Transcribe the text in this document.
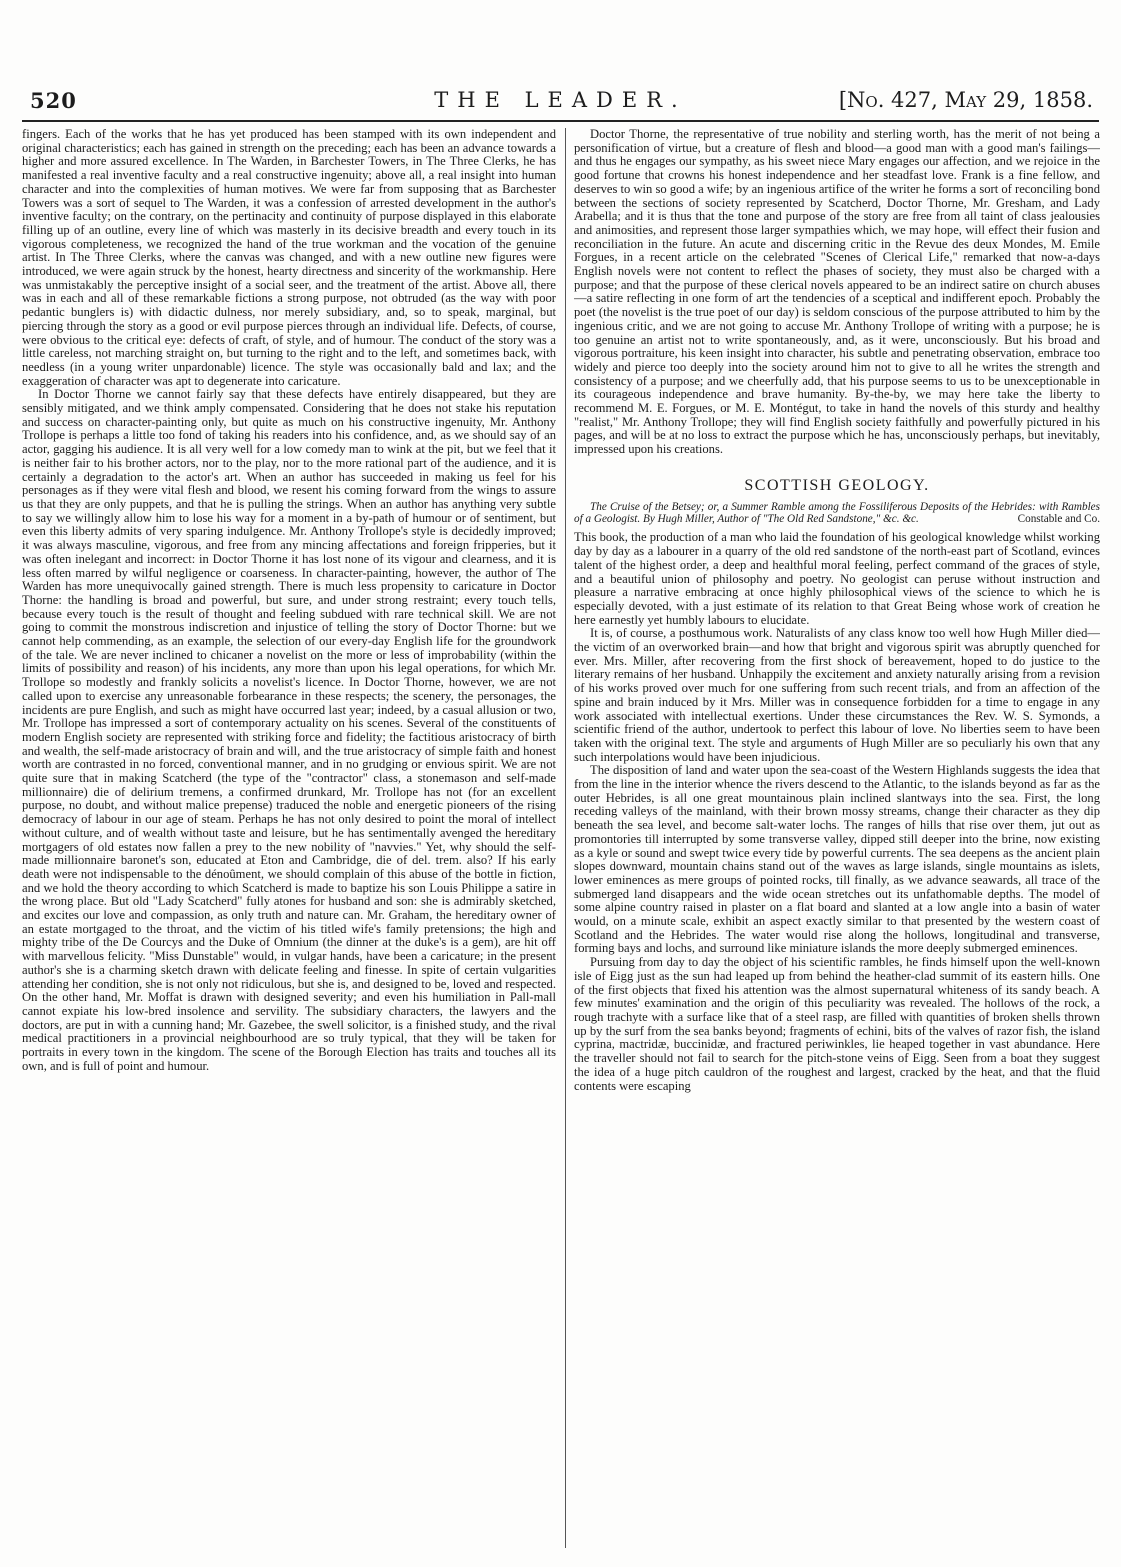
520	THE LEADER.	[No. 427, May 29, 1858.

fingers. Each of the works that he has yet produced has been stamped with its own independent and original characteristics; each has gained in strength on the preceding; each has been an advance towards a higher and more assured excellence. In The Warden, in Barchester Towers, in The Three Clerks, he has manifested a real inventive faculty and a real constructive ingenuity; above all, a real insight into human character and into the complexities of human motives. We were far from supposing that as Barchester Towers was a sort of sequel to The Warden, it was a confession of arrested development in the author's inventive faculty; on the contrary, on the pertinacity and continuity of purpose displayed in this elaborate filling up of an outline, every line of which was masterly in its decisive breadth and every touch in its vigorous completeness, we recognized the hand of the true workman and the vocation of the genuine artist. In The Three Clerks, where the canvas was changed, and with a new outline new figures were introduced, we were again struck by the honest, hearty directness and sincerity of the workmanship. Here was unmistakably the perceptive insight of a social seer, and the treatment of the artist. Above all, there was in each and all of these remarkable fictions a strong purpose, not obtruded (as the way with poor pedantic bunglers is) with didactic dulness, nor merely subsidiary, and, so to speak, marginal, but piercing through the story as a good or evil purpose pierces through an individual life. Defects, of course, were obvious to the critical eye: defects of craft, of style, and of humour. The conduct of the story was a little careless, not marching straight on, but turning to the right and to the left, and sometimes back, with needless (in a young writer unpardonable) licence. The style was occasionally bald and lax; and the exaggeration of character was apt to degenerate into caricature.

In Doctor Thorne we cannot fairly say that these defects have entirely disappeared, but they are sensibly mitigated, and we think amply compensated. Considering that he does not stake his reputation and success on character-painting only, but quite as much on his constructive ingenuity, Mr. Anthony Trollope is perhaps a little too fond of taking his readers into his confidence, and, as we should say of an actor, gagging his audience. It is all very well for a low comedy man to wink at the pit, but we feel that it is neither fair to his brother actors, nor to the play, nor to the more rational part of the audience, and it is certainly a degradation to the actor's art. When an author has succeeded in making us feel for his personages as if they were vital flesh and blood, we resent his coming forward from the wings to assure us that they are only puppets, and that he is pulling the strings. When an author has anything very subtle to say we willingly allow him to lose his way for a moment in a by-path of humour or of sentiment, but even this liberty admits of very sparing indulgence. Mr. Anthony Trollope's style is decidedly improved; it was always masculine, vigorous, and free from any mincing affectations and foreign fripperies, but it was often inelegant and incorrect: in Doctor Thorne it has lost none of its vigour and clearness, and it is less often marred by wilful negligence or coarseness. In character-painting, however, the author of The Warden has more unequivocally gained strength. There is much less propensity to caricature in Doctor Thorne: the handling is broad and powerful, but sure, and under strong restraint; every touch tells, because every touch is the result of thought and feeling subdued with rare technical skill. We are not going to commit the monstrous indiscretion and injustice of telling the story of Doctor Thorne: but we cannot help commending, as an example, the selection of our every-day English life for the groundwork of the tale. We are never inclined to chicaner a novelist on the more or less of improbability (within the limits of possibility and reason) of his incidents, any more than upon his legal operations, for which Mr. Trollope so modestly and frankly solicits a novelist's licence. In Doctor Thorne, however, we are not called upon to exercise any unreasonable forbearance in these respects; the scenery, the personages, the incidents are pure English, and such as might have occurred last year; indeed, by a casual allusion or two, Mr. Trollope has impressed a sort of contemporary actuality on his scenes. Several of the constituents of modern English society are represented with striking force and fidelity; the factitious aristocracy of birth and wealth, the self-made aristocracy of brain and will, and the true aristocracy of simple faith and honest worth are contrasted in no forced, conventional manner, and in no grudging or envious spirit. We are not quite sure that in making Scatcherd (the type of the "contractor" class, a stonemason and self-made millionnaire) die of delirium tremens, a confirmed drunkard, Mr. Trollope has not (for an excellent purpose, no doubt, and without malice prepense) traduced the noble and energetic pioneers of the rising democracy of labour in our age of steam. Perhaps he has not only desired to point the moral of intellect without culture, and of wealth without taste and leisure, but he has sentimentally avenged the hereditary mortgagers of old estates now fallen a prey to the new nobility of "navvies." Yet, why should the self-made millionnaire baronet's son, educated at Eton and Cambridge, die of del. trem. also? If his early death were not indispensable to the dénoûment, we should complain of this abuse of the bottle in fiction, and we hold the theory according to which Scatcherd is made to baptize his son Louis Philippe a satire in the wrong place. But old "Lady Scatcherd" fully atones for husband and son: she is admirably sketched, and excites our love and compassion, as only truth and nature can. Mr. Graham, the hereditary owner of an estate mortgaged to the throat, and the victim of his titled wife's family pretensions; the high and mighty tribe of the De Courcys and the Duke of Omnium (the dinner at the duke's is a gem), are hit off with marvellous felicity. "Miss Dunstable" would, in vulgar hands, have been a caricature; in the present author's she is a charming sketch drawn with delicate feeling and finesse. In spite of certain vulgarities attending her condition, she is not only not ridiculous, but she is, and designed to be, loved and respected. On the other hand, Mr. Moffat is drawn with designed severity; and even his humiliation in Pall-mall cannot expiate his low-bred insolence and servility. The subsidiary characters, the lawyers and the doctors, are put in with a cunning hand; Mr. Gazebee, the swell solicitor, is a finished study, and the rival medical practitioners in a provincial neighbourhood are so truly typical, that they will be taken for portraits in every town in the kingdom. The scene of the Borough Election has traits and touches all its own, and is full of point and humour.

Doctor Thorne, the representative of true nobility and sterling worth, has the merit of not being a personification of virtue, but a creature of flesh and blood—a good man with a good man's failings—and thus he engages our sympathy, as his sweet niece Mary engages our affection, and we rejoice in the good fortune that crowns his honest independence and her steadfast love. Frank is a fine fellow, and deserves to win so good a wife; by an ingenious artifice of the writer he forms a sort of reconciling bond between the sections of society represented by Scatcherd, Doctor Thorne, Mr. Gresham, and Lady Arabella; and it is thus that the tone and purpose of the story are free from all taint of class jealousies and animosities, and represent those larger sympathies which, we may hope, will effect their fusion and reconciliation in the future. An acute and discerning critic in the Revue des deux Mondes, M. Emile Forgues, in a recent article on the celebrated "Scenes of Clerical Life," remarked that now-a-days English novels were not content to reflect the phases of society, they must also be charged with a purpose; and that the purpose of these clerical novels appeared to be an indirect satire on church abuses—a satire reflecting in one form of art the tendencies of a sceptical and indifferent epoch. Probably the poet (the novelist is the true poet of our day) is seldom conscious of the purpose attributed to him by the ingenious critic, and we are not going to accuse Mr. Anthony Trollope of writing with a purpose; he is too genuine an artist not to write spontaneously, and, as it were, unconsciously. But his broad and vigorous portraiture, his keen insight into character, his subtle and penetrating observation, embrace too widely and pierce too deeply into the society around him not to give to all he writes the strength and consistency of a purpose; and we cheerfully add, that his purpose seems to us to be unexceptionable in its courageous independence and brave humanity. By-the-by, we may here take the liberty to recommend M. E. Forgues, or M. E. Montégut, to take in hand the novels of this sturdy and healthy "realist," Mr. Anthony Trollope; they will find English society faithfully and powerfully pictured in his pages, and will be at no loss to extract the purpose which he has, unconsciously perhaps, but inevitably, impressed upon his creations.

SCOTTISH GEOLOGY.
The Cruise of the Betsey; or, a Summer Ramble among the Fossiliferous Deposits of the Hebrides: with Rambles of a Geologist. By Hugh Miller, Author of "The Old Red Sandstone," &c. &c.	Constable and Co.

This book, the production of a man who laid the foundation of his geological knowledge whilst working day by day as a labourer in a quarry of the old red sandstone of the north-east part of Scotland, evinces talent of the highest order, a deep and healthful moral feeling, perfect command of the graces of style, and a beautiful union of philosophy and poetry. No geologist can peruse without instruction and pleasure a narrative embracing at once highly philosophical views of the science to which he is especially devoted, with a just estimate of its relation to that Great Being whose work of creation he here earnestly yet humbly labours to elucidate.

It is, of course, a posthumous work. Naturalists of any class know too well how Hugh Miller died—the victim of an overworked brain—and how that bright and vigorous spirit was abruptly quenched for ever. Mrs. Miller, after recovering from the first shock of bereavement, hoped to do justice to the literary remains of her husband. Unhappily the excitement and anxiety naturally arising from a revision of his works proved over much for one suffering from such recent trials, and from an affection of the spine and brain induced by it Mrs. Miller was in consequence forbidden for a time to engage in any work associated with intellectual exertions. Under these circumstances the Rev. W. S. Symonds, a scientific friend of the author, undertook to perfect this labour of love. No liberties seem to have been taken with the original text. The style and arguments of Hugh Miller are so peculiarly his own that any such interpolations would have been injudicious.

The disposition of land and water upon the sea-coast of the Western Highlands suggests the idea that from the line in the interior whence the rivers descend to the Atlantic, to the islands beyond as far as the outer Hebrides, is all one great mountainous plain inclined slantways into the sea. First, the long receding valleys of the mainland, with their brown mossy streams, change their character as they dip beneath the sea level, and become salt-water lochs. The ranges of hills that rise over them, jut out as promontories till interrupted by some transverse valley, dipped still deeper into the brine, now existing as a kyle or sound and swept twice every tide by powerful currents. The sea deepens as the ancient plain slopes downward, mountain chains stand out of the waves as large islands, single mountains as islets, lower eminences as mere groups of pointed rocks, till finally, as we advance seawards, all trace of the submerged land disappears and the wide ocean stretches out its unfathomable depths. The model of some alpine country raised in plaster on a flat board and slanted at a low angle into a basin of water would, on a minute scale, exhibit an aspect exactly similar to that presented by the western coast of Scotland and the Hebrides. The water would rise along the hollows, longitudinal and transverse, forming bays and lochs, and surround like miniature islands the more deeply submerged eminences.

Pursuing from day to day the object of his scientific rambles, he finds himself upon the well-known isle of Eigg just as the sun had leaped up from behind the heather-clad summit of its eastern hills. One of the first objects that fixed his attention was the almost supernatural whiteness of its sandy beach. A few minutes' examination and the origin of this peculiarity was revealed. The hollows of the rock, a rough trachyte with a surface like that of a steel rasp, are filled with quantities of broken shells thrown up by the surf from the sea banks beyond; fragments of echini, bits of the valves of razor fish, the island cyprina, mactridæ, buccinidæ, and fractured periwinkles, lie heaped together in vast abundance. Here the traveller should not fail to search for the pitch-stone veins of Eigg. Seen from a boat they suggest the idea of a huge pitch cauldron of the roughest and largest, cracked by the heat, and that the fluid contents were escaping
